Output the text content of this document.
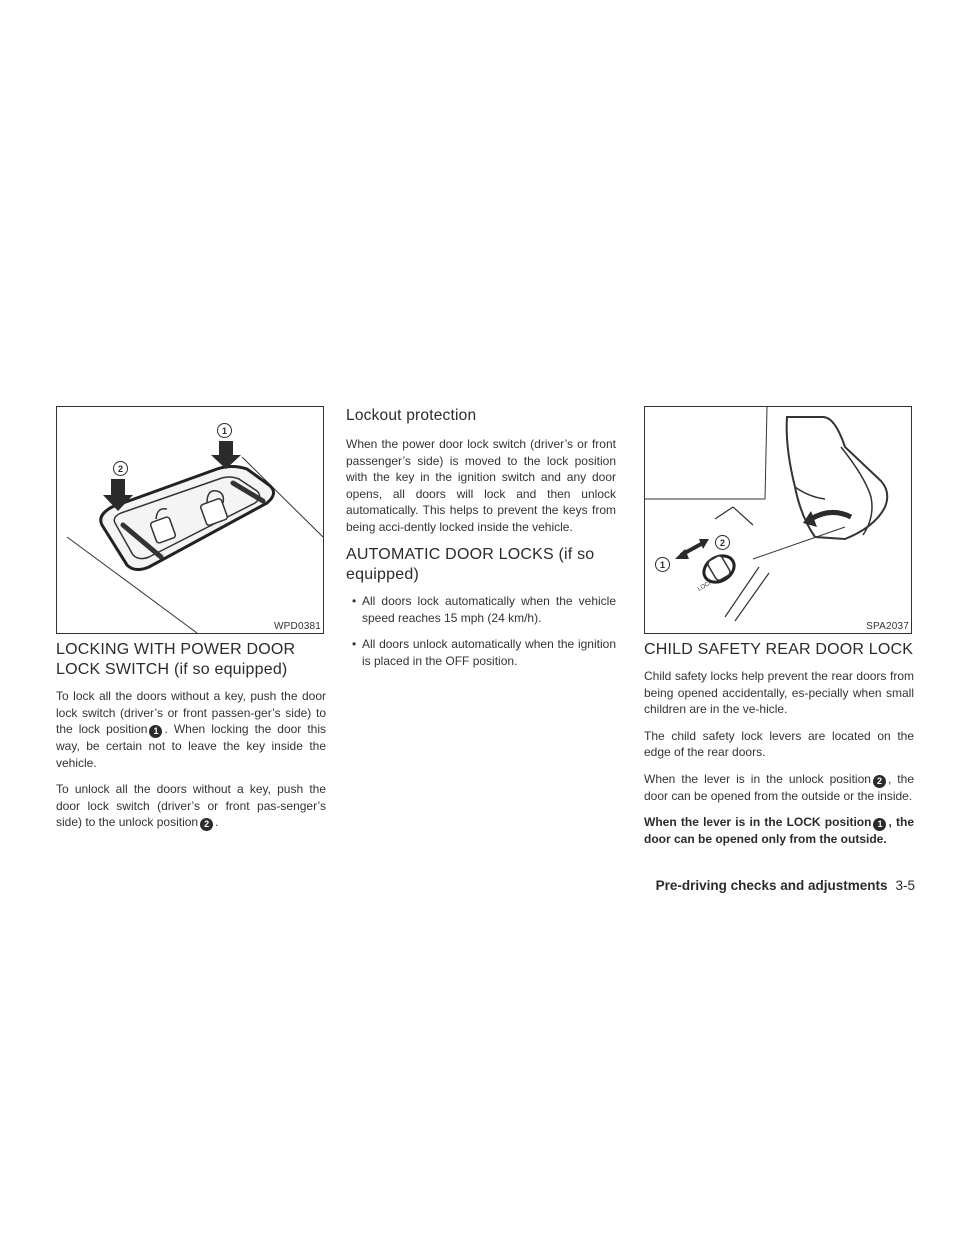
1
2
WPD0381
LOCKING WITH POWER DOOR LOCK SWITCH (if so equipped)

To lock all the doors without a key, push the door lock switch (driver’s or front passen-ger’s side) to the lock position 1 . When locking the door this way, be certain not to leave the key inside the vehicle.

To unlock all the doors without a key, push the door lock switch (driver’s or front pas-senger’s side) to the unlock position 2 .

Lockout protection

When the power door lock switch (driver’s or front passenger’s side) is moved to the lock position with the key in the ignition switch and any door opens, all doors will lock and then unlock automatically. This helps to prevent the keys from being acci-dently locked inside the vehicle.

AUTOMATIC DOOR LOCKS (if so equipped)
• All doors lock automatically when the vehicle speed reaches 15 mph (24 km/h).
• All doors unlock automatically when the ignition is placed in the OFF position.
LOCK
1
2
SPA2037
CHILD SAFETY REAR DOOR LOCK

Child safety locks help prevent the rear doors from being opened accidentally, es-pecially when small children are in the ve-hicle.

The child safety lock levers are located on the edge of the rear doors.

When the lever is in the unlock position 2 , the door can be opened from the outside or the inside.

When the lever is in the LOCK position 1 , the door can be opened only from the outside.

Pre-driving checks and adjustments 3-5
